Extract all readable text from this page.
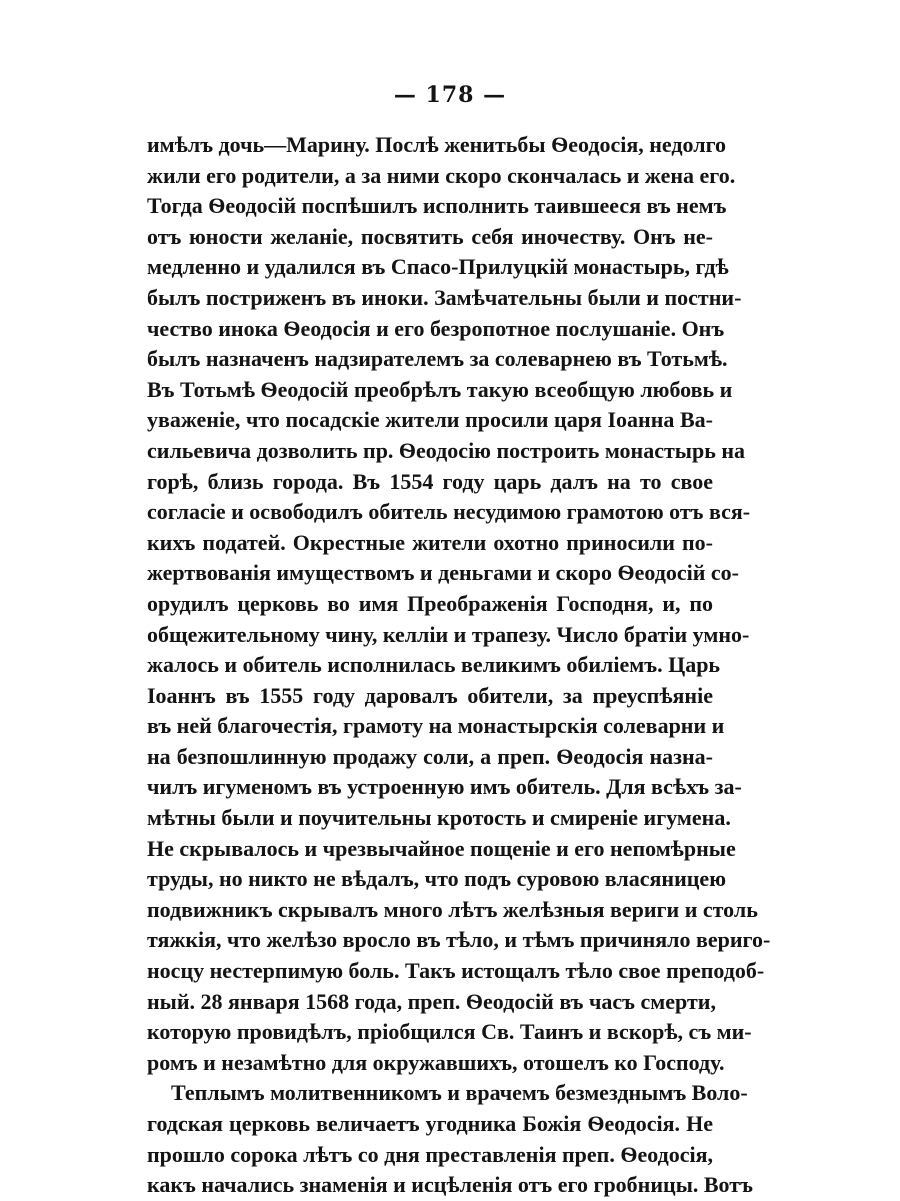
— 178 —
имѣлъ дочь—Марину. Послѣ женитьбы Ѳеодосія, недолго
жили его родители, а за ними скоро скончалась и жена его.
Тогда Ѳеодосій поспѣшилъ исполнить таившееся въ немъ
отъ юности желаніе, посвятить себя иночеству. Онъ не-
медленно и удалился въ Спасо-Прилуцкій монастырь, гдѣ
былъ постриженъ въ иноки. Замѣчательны были и постни-
чество инока Ѳеодосія и его безропотное послушаніе. Онъ
былъ назначенъ надзирателемъ за солеварнею въ Тотьмѣ.
Въ Тотьмѣ Ѳеодосій преобрѣлъ такую всеобщую любовь и
уваженіе, что посадскіе жители просили царя Іоанна Ва-
сильевича дозволить пр. Ѳеодосію построить монастырь на
горѣ, близь города. Въ 1554 году царь далъ на то свое
согласіе и освободилъ обитель несудимою грамотою отъ вся-
кихъ податей. Окрестные жители охотно приносили по-
жертвованія имуществомъ и деньгами и скоро Ѳеодосій со-
орудилъ церковь во имя Преображенія Господня, и, по
общежительному чину, келліи и трапезу. Число братіи умно-
жалось и обитель исполнилась великимъ обиліемъ. Царь
Іоаннъ въ 1555 году даровалъ обители, за преуспѣяніе
въ ней благочестія, грамоту на монастырскія солеварни и
на безпошлинную продажу соли, а преп. Ѳеодосія назна-
чилъ игуменомъ въ устроенную имъ обитель. Для всѣхъ за-
мѣтны были и поучительны кротость и смиреніе игумена.
Не скрывалось и чрезвычайное пощеніе и его непомѣрные
труды, но никто не вѣдалъ, что подъ суровою власяницею
подвижникъ скрывалъ много лѣтъ желѣзныя вериги и столь
тяжкія, что желѣзо вросло въ тѣло, и тѣмъ причиняло вериго-
носцу нестерпимую боль. Такъ истощалъ тѣло свое преподоб-
ный. 28 января 1568 года, преп. Ѳеодосій въ часъ смерти,
которую провидѣлъ, пріобщился Св. Таинъ и вскорѣ, съ ми-
ромъ и незамѣтно для окружавшихъ, отошелъ ко Господу.
Теплымъ молитвенникомъ и врачемъ безмезднымъ Воло-
годская церковь величаетъ угодника Божія Ѳеодосія. Не
прошло сорока лѣтъ со дня преставленія преп. Ѳеодосія,
какъ начались знаменія и исцѣленія отъ его гробницы. Вотъ
